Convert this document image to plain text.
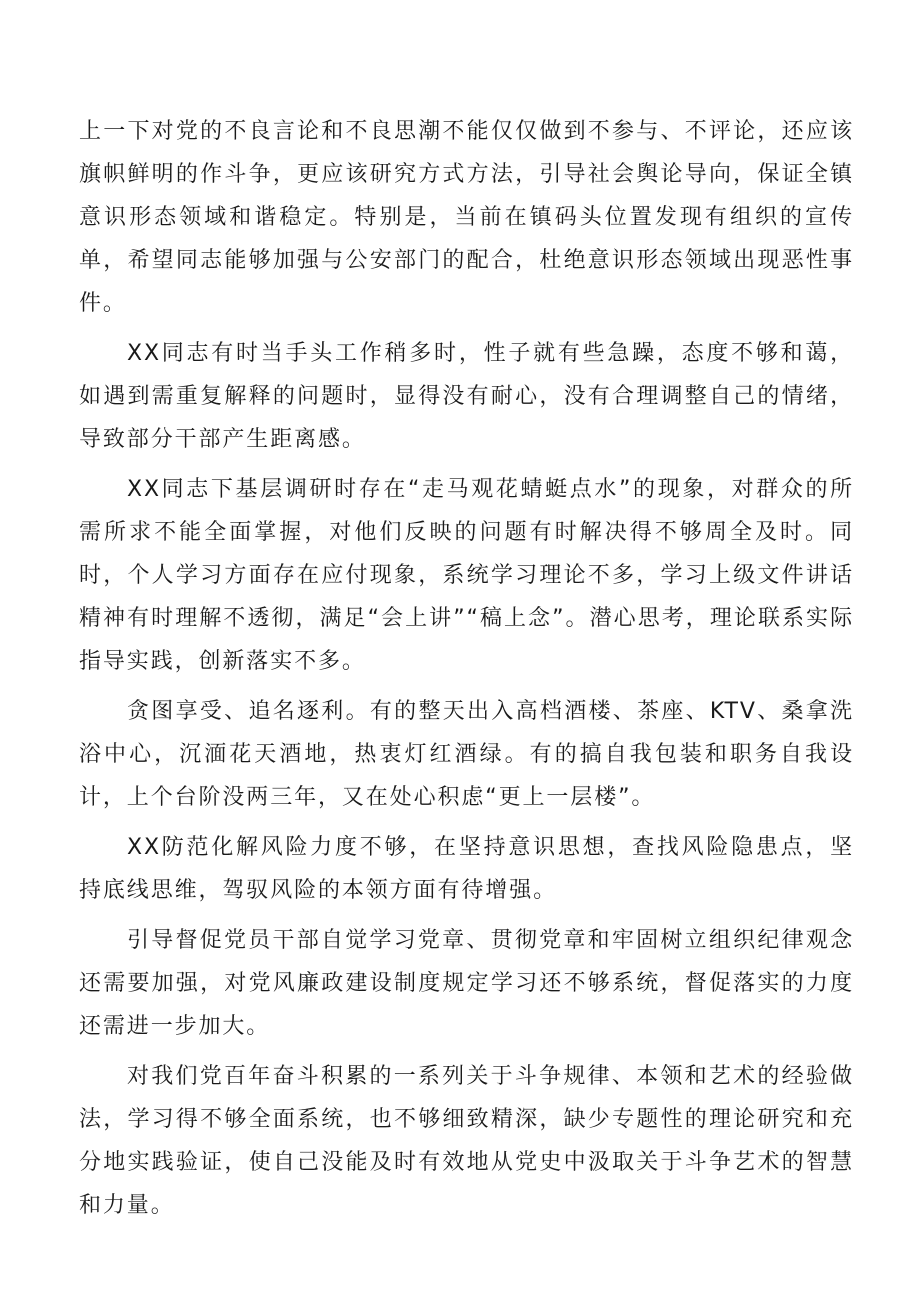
上一下对党的不良言论和不良思潮不能仅仅做到不参与、不评论，还应该旗帜鲜明的作斗争，更应该研究方式方法，引导社会舆论导向，保证全镇意识形态领域和谐稳定。特别是，当前在镇码头位置发现有组织的宣传单，希望同志能够加强与公安部门的配合，杜绝意识形态领域出现恶性事件。

XX同志有时当手头工作稍多时，性子就有些急躁，态度不够和蔼，如遇到需重复解释的问题时，显得没有耐心，没有合理调整自己的情绪，导致部分干部产生距离感。

XX同志下基层调研时存在“走马观花蜻蜓点水”的现象，对群众的所需所求不能全面掌握，对他们反映的问题有时解决得不够周全及时。同时，个人学习方面存在应付现象，系统学习理论不多，学习上级文件讲话精神有时理解不透彻，满足“会上讲”“稿上念”。潜心思考，理论联系实际指导实践，创新落实不多。

贪图享受、追名逐利。有的整天出入高档酒楼、茶座、KTV、桑拿洗浴中心，沉湎花天酒地，热衷灯红酒绿。有的搞自我包装和职务自我设计，上个台阶没两三年，又在处心积虑“更上一层楼”。

XX防范化解风险力度不够，在坚持意识思想，查找风险隐患点，坚持底线思维，驾驭风险的本领方面有待增强。

引导督促党员干部自觉学习党章、贯彻党章和牢固树立组织纪律观念还需要加强，对党风廉政建设制度规定学习还不够系统，督促落实的力度还需进一步加大。

对我们党百年奋斗积累的一系列关于斗争规律、本领和艺术的经验做法，学习得不够全面系统，也不够细致精深，缺少专题性的理论研究和充分地实践验证，使自己没能及时有效地从党史中汲取关于斗争艺术的智慧和力量。
